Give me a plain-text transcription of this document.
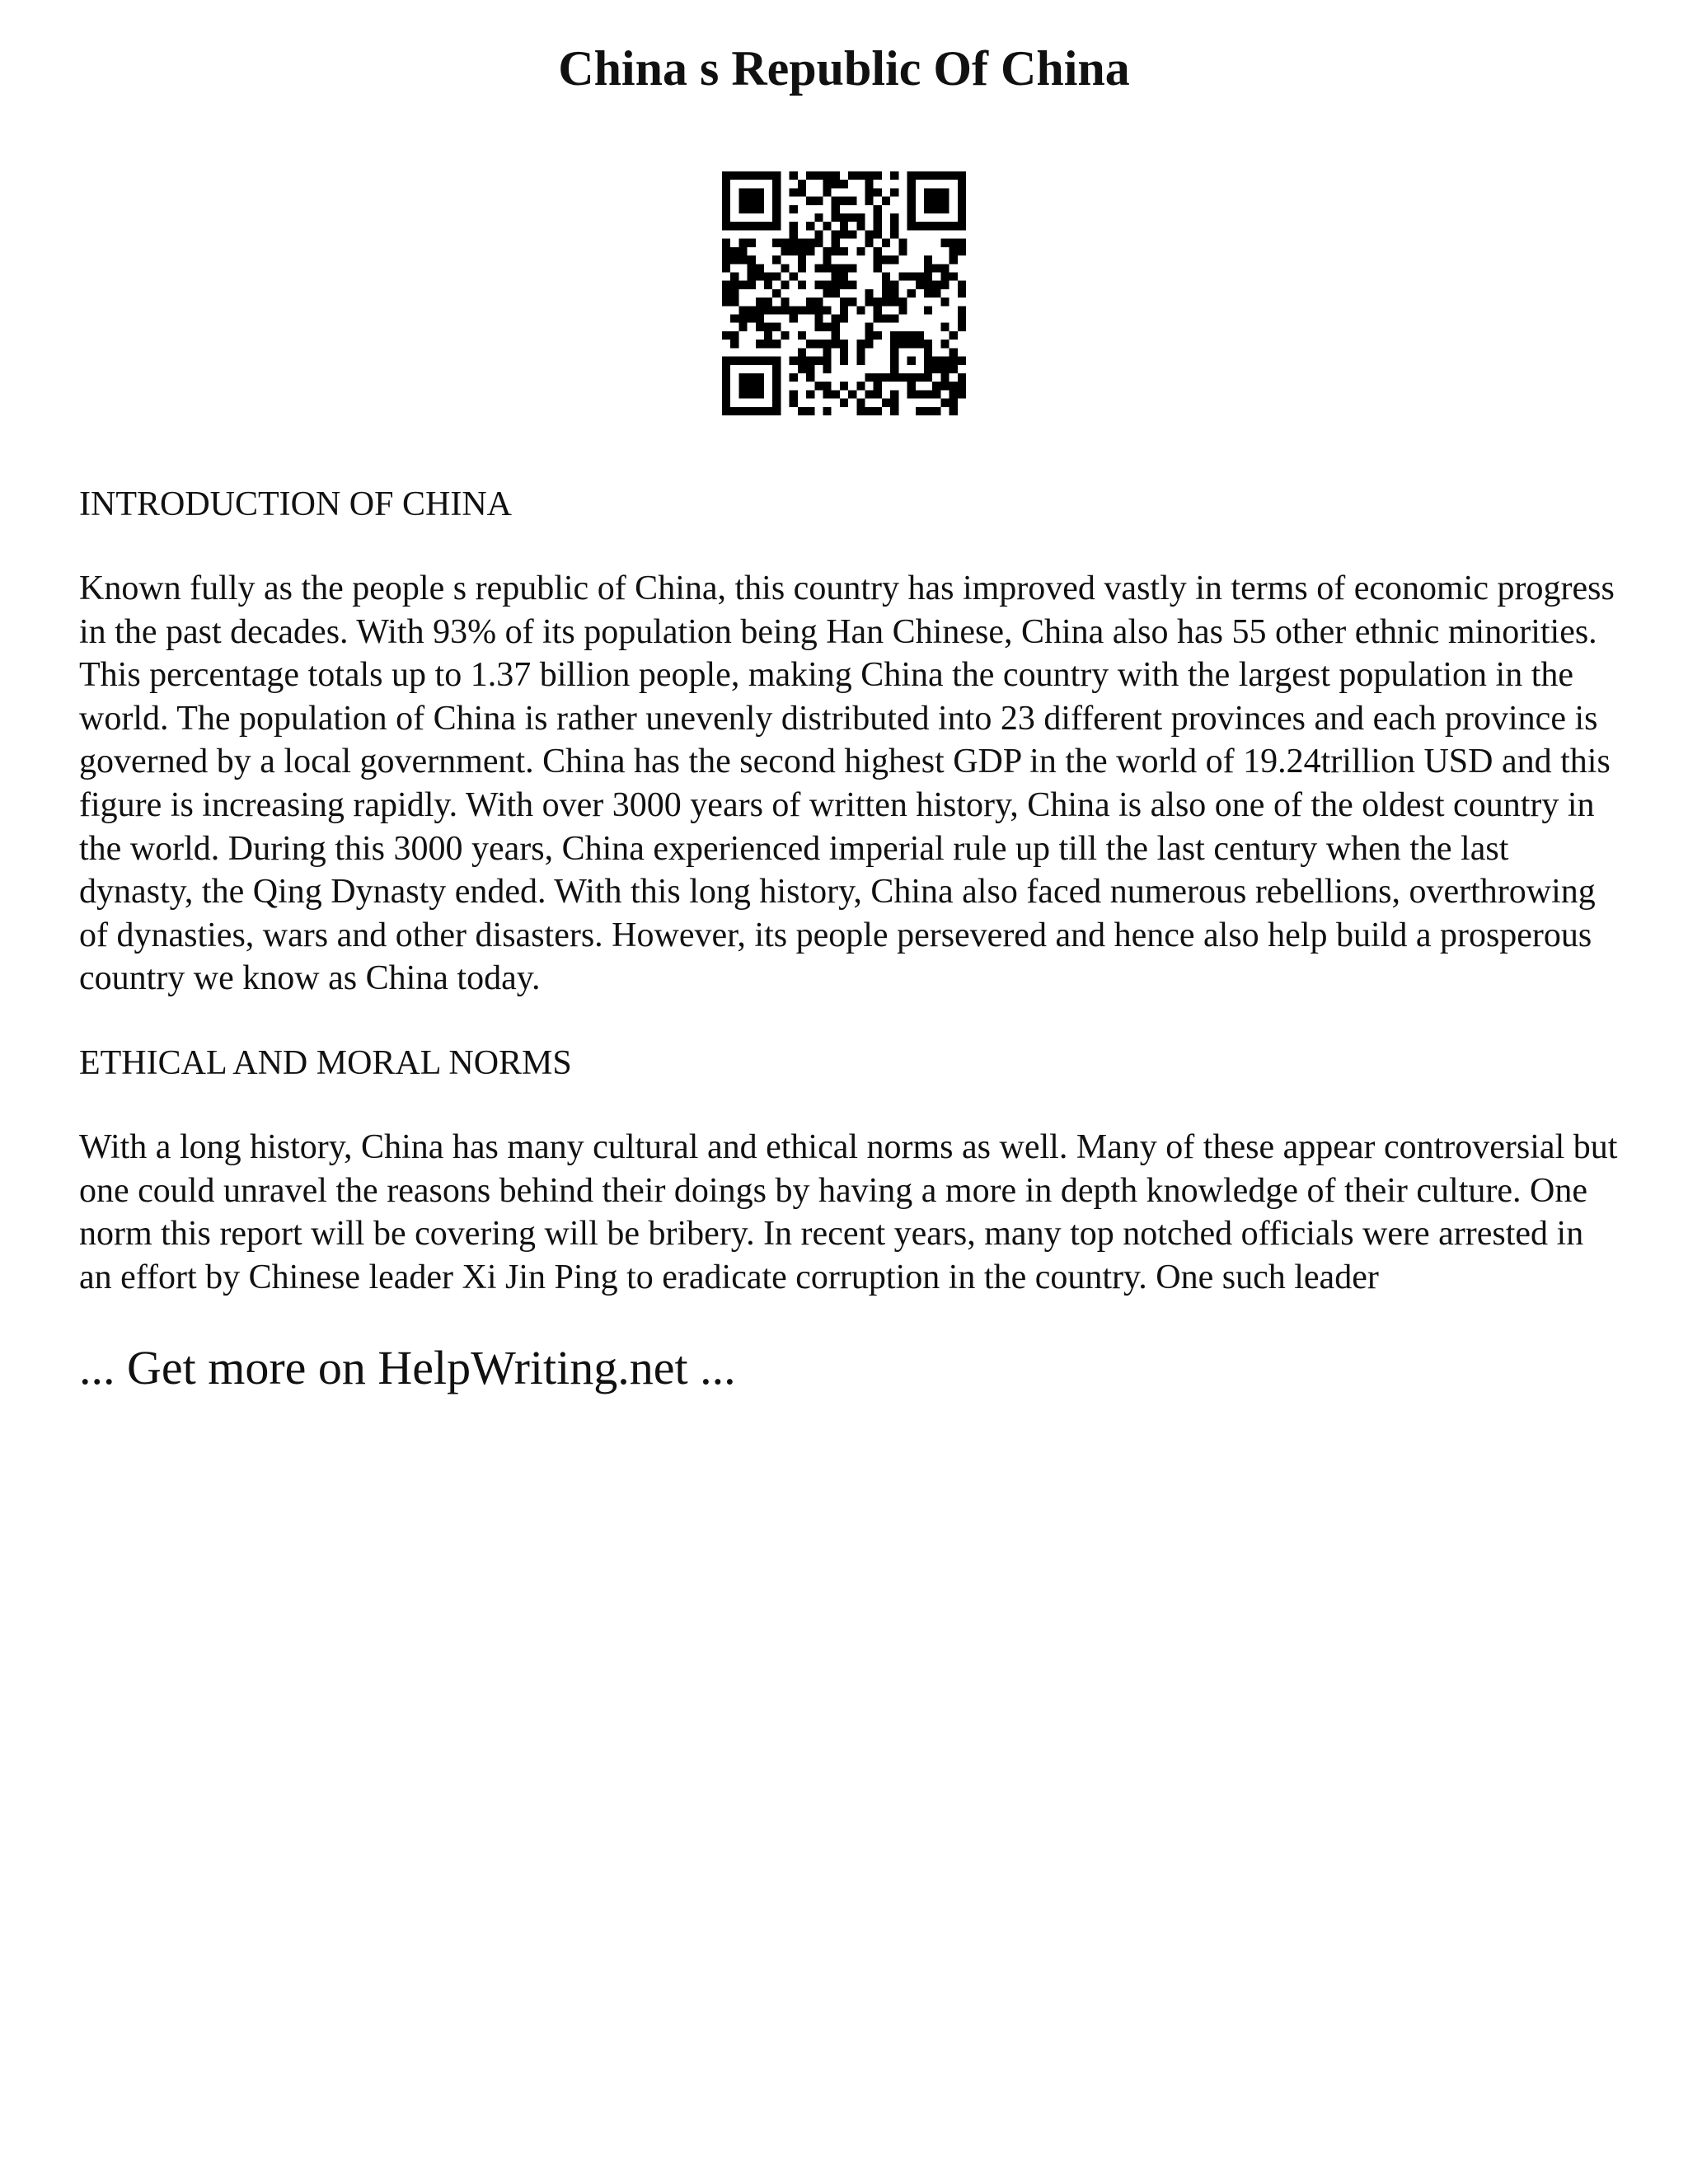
China s Republic Of China

INTRODUCTION OF CHINA

Known fully as the people s republic of China, this country has improved vastly in terms of economic progress in the past decades. With 93% of its population being Han Chinese, China also has 55 other ethnic minorities. This percentage totals up to 1.37 billion people, making China the country with the largest population in the world. The population of China is rather unevenly distributed into 23 different provinces and each province is governed by a local government. China has the second highest GDP in the world of 19.24trillion USD and this figure is increasing rapidly. With over 3000 years of written history, China is also one of the oldest country in the world. During this 3000 years, China experienced imperial rule up till the last century when the last dynasty, the Qing Dynasty ended. With this long history, China also faced numerous rebellions, overthrowing of dynasties, wars and other disasters. However, its people persevered and hence also help build a prosperous country we know as China today.

ETHICAL AND MORAL NORMS

With a long history, China has many cultural and ethical norms as well. Many of these appear controversial but one could unravel the reasons behind their doings by having a more in depth knowledge of their culture. One norm this report will be covering will be bribery. In recent years, many top notched officials were arrested in an effort by Chinese leader Xi Jin Ping to eradicate corruption in the country. One such leader

... Get more on HelpWriting.net ...
